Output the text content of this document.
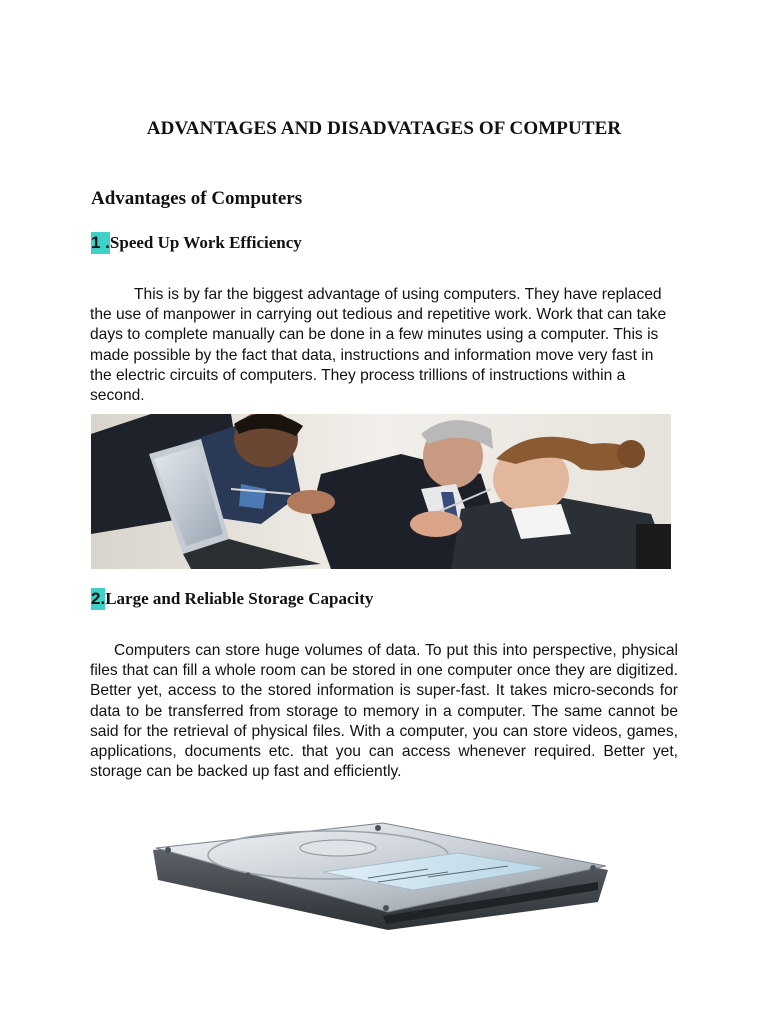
ADVANTAGES AND DISADVATAGES OF COMPUTER
Advantages of Computers
1 .Speed Up Work Efficiency
This is by far the biggest advantage of using computers. They have replaced the use of manpower in carrying out tedious and repetitive work. Work that can take days to complete manually can be done in a few minutes using a computer. This is made possible by the fact that data, instructions and information move very fast in the electric circuits of computers. They process trillions of instructions within a second.
2.Large and Reliable Storage Capacity
Computers can store huge volumes of data. To put this into perspective, physical files that can fill a whole room can be stored in one computer once they are digitized. Better yet, access to the stored information is super-fast. It takes micro-seconds for data to be transferred from storage to memory in a computer. The same cannot be said for the retrieval of physical files. With a computer, you can store videos, games, applications, documents etc. that you can access whenever required. Better yet, storage can be backed up fast and efficiently.
